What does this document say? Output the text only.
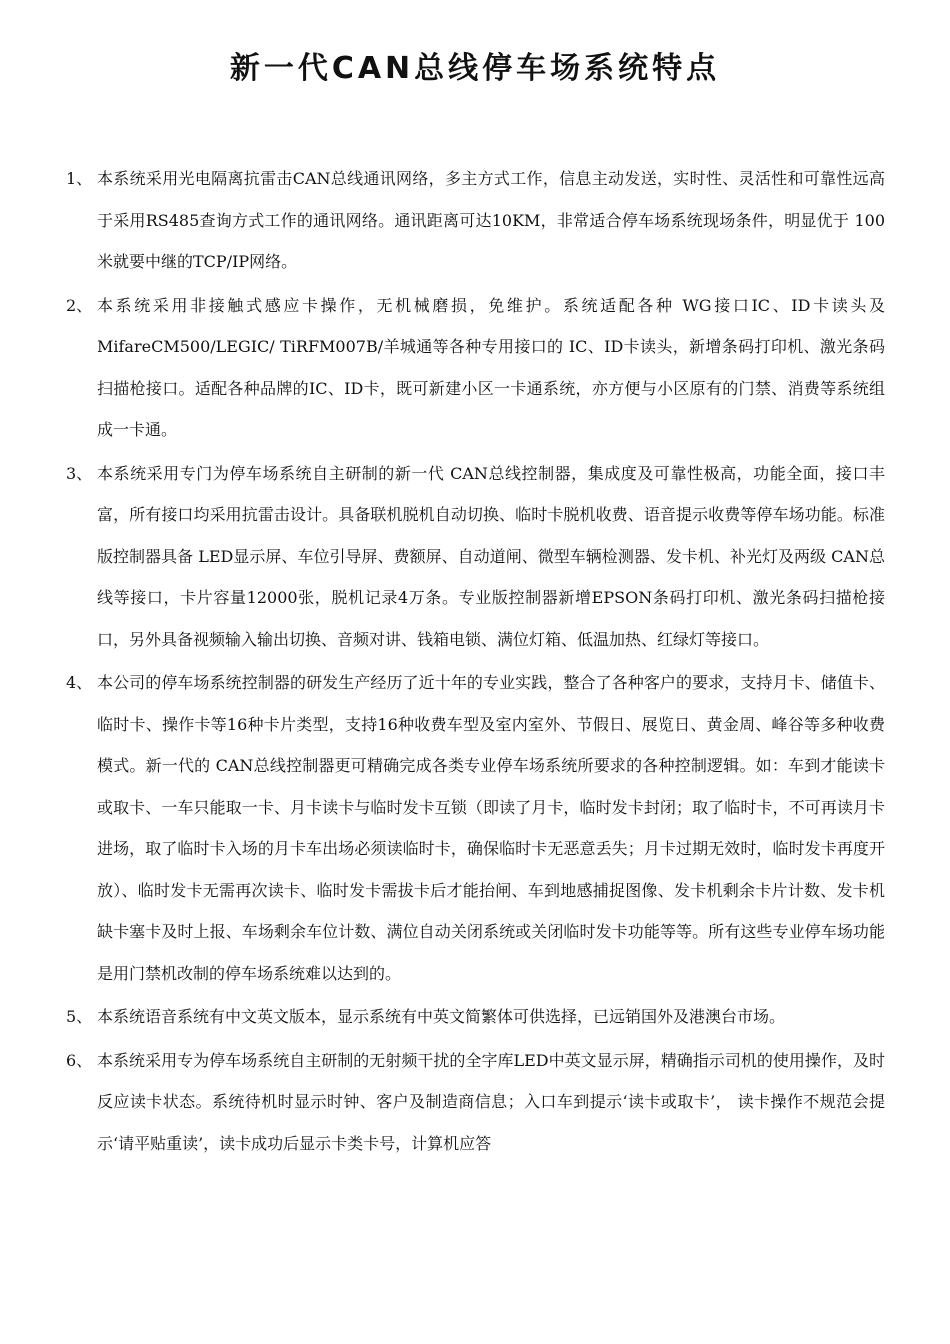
新一代CAN总线停车场系统特点
1、 本系统采用光电隔离抗雷击CAN总线通讯网络，多主方式工作，信息主动发送，实时性、灵活性和可靠性远高于采用RS485查询方式工作的通讯网络。通讯距离可达10KM，非常适合停车场系统现场条件，明显优于 100米就要中继的TCP/IP网络。
2、 本系统采用非接触式感应卡操作，无机械磨损，免维护。系统适配各种 WG接口IC、ID卡读头及MifareCM500/LEGIC/ TiRFM007B/羊城通等各种专用接口的 IC、ID卡读头，新增条码打印机、激光条码扫描枪接口。适配各种品牌的IC、ID卡，既可新建小区一卡通系统，亦方便与小区原有的门禁、消费等系统组成一卡通。
3、 本系统采用专门为停车场系统自主研制的新一代 CAN总线控制器，集成度及可靠性极高，功能全面，接口丰富，所有接口均采用抗雷击设计。具备联机脱机自动切换、临时卡脱机收费、语音提示收费等停车场功能。标准版控制器具备 LED显示屏、车位引导屏、费额屏、自动道闸、微型车辆检测器、发卡机、补光灯及两级 CAN总线等接口，卡片容量12000张，脱机记录4万条。专业版控制器新增EPSON条码打印机、激光条码扫描枪接口，另外具备视频输入输出切换、音频对讲、钱箱电锁、满位灯箱、低温加热、红绿灯等接口。
4、 本公司的停车场系统控制器的研发生产经历了近十年的专业实践，整合了各种客户的要求，支持月卡、储值卡、临时卡、操作卡等16种卡片类型，支持16种收费车型及室内室外、节假日、展览日、黄金周、峰谷等多种收费模式。新一代的 CAN总线控制器更可精确完成各类专业停车场系统所要求的各种控制逻辑。如：车到才能读卡或取卡、一车只能取一卡、月卡读卡与临时发卡互锁（即读了月卡，临时发卡封闭；取了临时卡，不可再读月卡进场，取了临时卡入场的月卡车出场必须读临时卡，确保临时卡无恶意丢失；月卡过期无效时，临时发卡再度开放）、临时发卡无需再次读卡、临时发卡需拔卡后才能抬闸、车到地感捕捉图像、发卡机剩余卡片计数、发卡机缺卡塞卡及时上报、车场剩余车位计数、满位自动关闭系统或关闭临时发卡功能等等。所有这些专业停车场功能是用门禁机改制的停车场系统难以达到的。
5、 本系统语音系统有中文英文版本，显示系统有中英文简繁体可供选择，已远销国外及港澳台市场。
6、 本系统采用专为停车场系统自主研制的无射频干扰的全字库LED中英文显示屏，精确指示司机的使用操作，及时反应读卡状态。系统待机时显示时钟、客户及制造商信息；入口车到提示‘读卡或取卡’， 读卡操作不规范会提示‘请平贴重读’，读卡成功后显示卡类卡号，计算机应答
